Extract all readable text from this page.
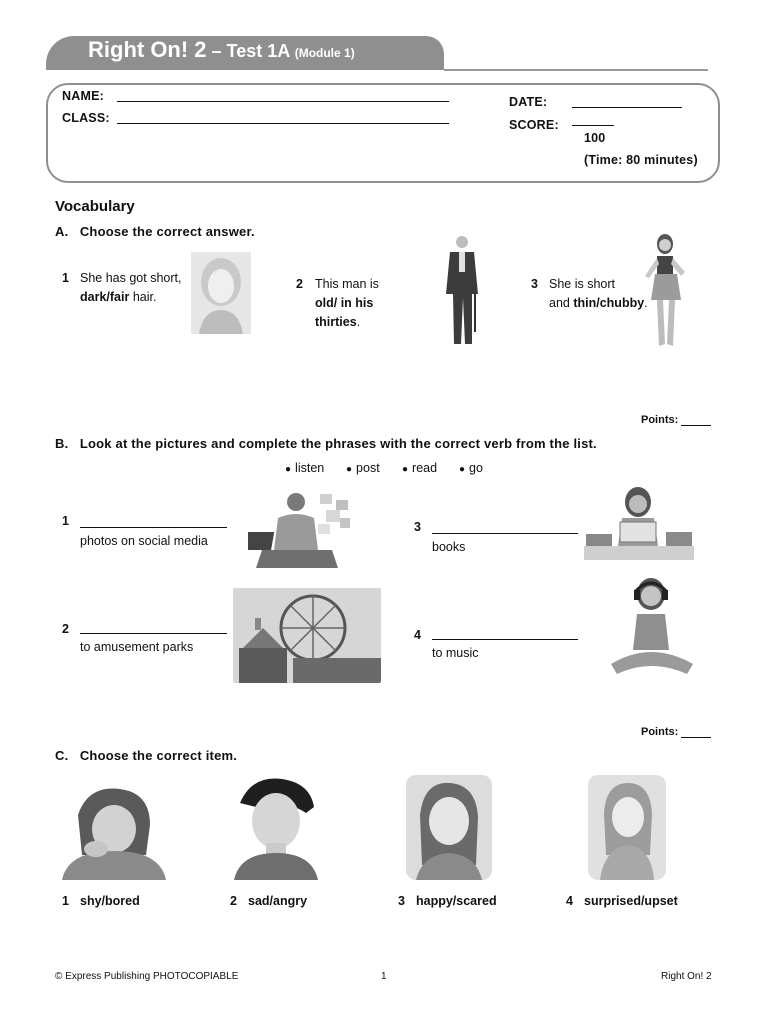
Right On! 2 – Test 1A (Module 1)
NAME:
CLASS:
DATE:
SCORE:
100
(Time: 80 minutes)
Vocabulary
A. Choose the correct answer.
1 She has got short,
dark/fair hair.
2 This man is
old/ in his
thirties.
3 She is short
and thin/chubby.
Points:
B. Look at the pictures and complete the phrases with the correct verb from the list.
● listen ● post ● read ● go
1
photos on social media
2
to amusement parks
3
books
4
to music
Points:
C. Choose the correct item.
1 shy/bored	2 sad/angry	3 happy/scared	4 surprised/upset
© Express Publishing PHOTOCOPIABLE	1	Right On! 2
